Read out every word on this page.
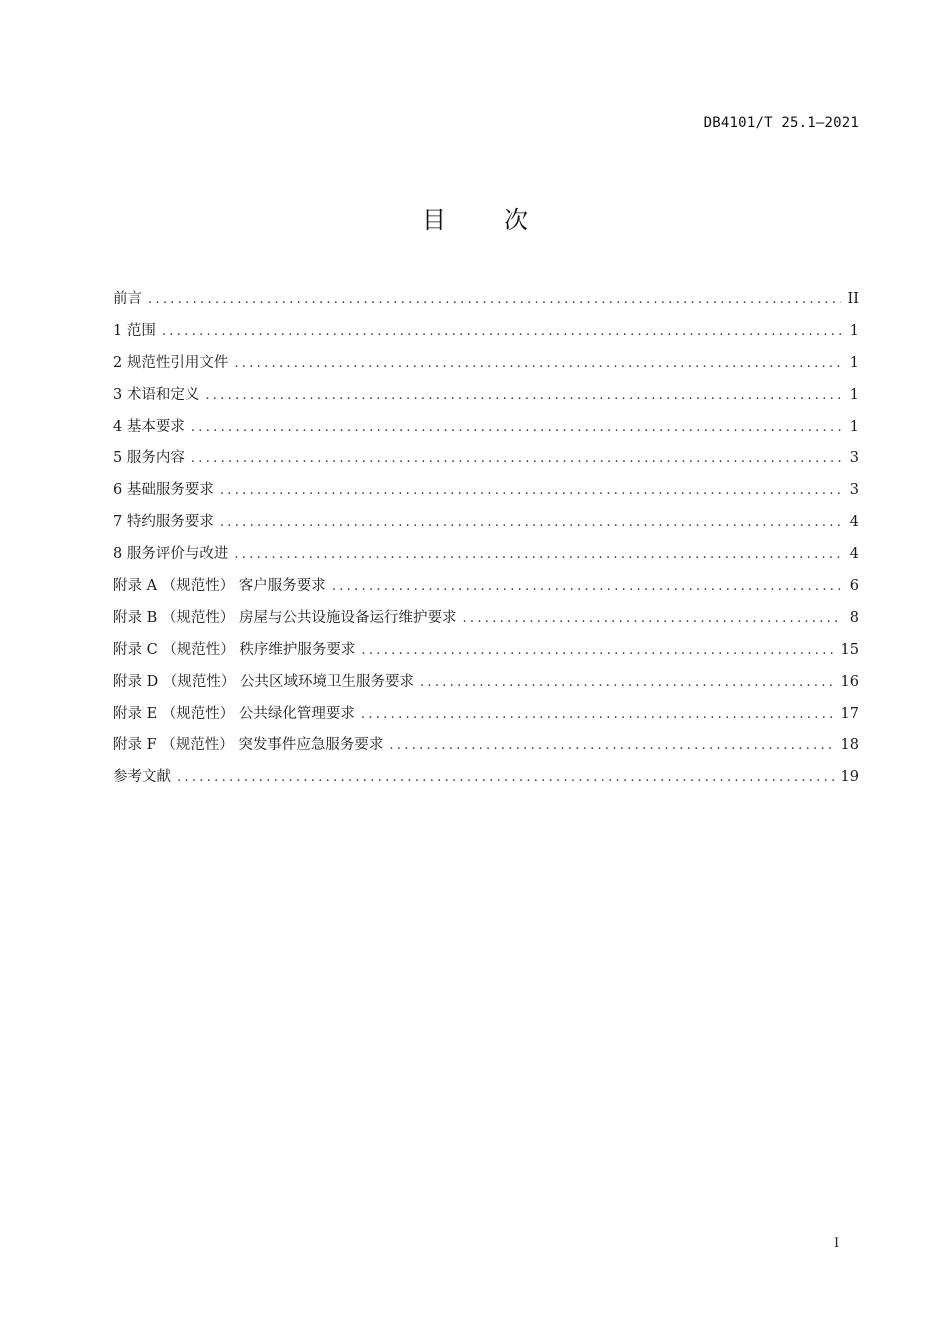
DB4101/T 25.1—2021
目次
前言 .....	II
1 范围 .....	1
2 规范性引用文件 .....	1
3 术语和定义 .....	1
4 基本要求 .....	1
5 服务内容 .....	3
6 基础服务要求 .....	3
7 特约服务要求 .....	4
8 服务评价与改进 .....	4
附录 A （规范性） 客户服务要求 .....	6
附录 B （规范性） 房屋与公共设施设备运行维护要求 .....	8
附录 C （规范性） 秩序维护服务要求 .....	15
附录 D （规范性） 公共区域环境卫生服务要求 .....	16
附录 E （规范性） 公共绿化管理要求 .....	17
附录 F （规范性） 突发事件应急服务要求 .....	18
参考文献 .....	19
I
